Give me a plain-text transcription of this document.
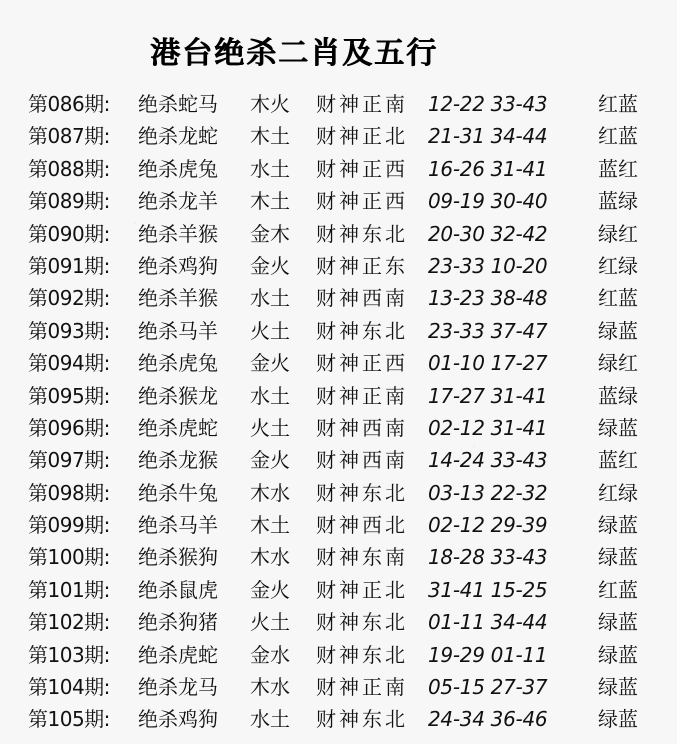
港台绝杀二肖及五行
第086期: 绝杀蛇马 木火 财神正南 12-22 33-43	红蓝
第087期: 绝杀龙蛇 木土 财神正北 21-31 34-44	红蓝
第088期: 绝杀虎兔 水土 财神正西 16-26 31-41	蓝红
第089期: 绝杀龙羊 木土 财神正西 09-19 30-40	蓝绿
第090期: 绝杀羊猴 金木 财神东北 20-30 32-42	绿红
第091期: 绝杀鸡狗 金火 财神正东 23-33 10-20	红绿
第092期: 绝杀羊猴 水土 财神西南 13-23 38-48	红蓝
第093期: 绝杀马羊 火土 财神东北 23-33 37-47	绿蓝
第094期: 绝杀虎兔 金火 财神正西 01-10 17-27	绿红
第095期: 绝杀猴龙 水土 财神正南 17-27 31-41	蓝绿
第096期: 绝杀虎蛇 火土 财神西南 02-12 31-41	绿蓝
第097期: 绝杀龙猴 金火 财神西南 14-24 33-43	蓝红
第098期: 绝杀牛兔 木水 财神东北 03-13 22-32	红绿
第099期: 绝杀马羊 木土 财神西北 02-12 29-39	绿蓝
第100期: 绝杀猴狗 木水 财神东南 18-28 33-43	绿蓝
第101期: 绝杀鼠虎 金火 财神正北 31-41 15-25	红蓝
第102期: 绝杀狗猪 火土 财神东北 01-11 34-44	绿蓝
第103期: 绝杀虎蛇 金水 财神东北 19-29 01-11	绿蓝
第104期: 绝杀龙马 木水 财神正南 05-15 27-37	绿蓝
第105期: 绝杀鸡狗 水土 财神东北 24-34 36-46	绿蓝
